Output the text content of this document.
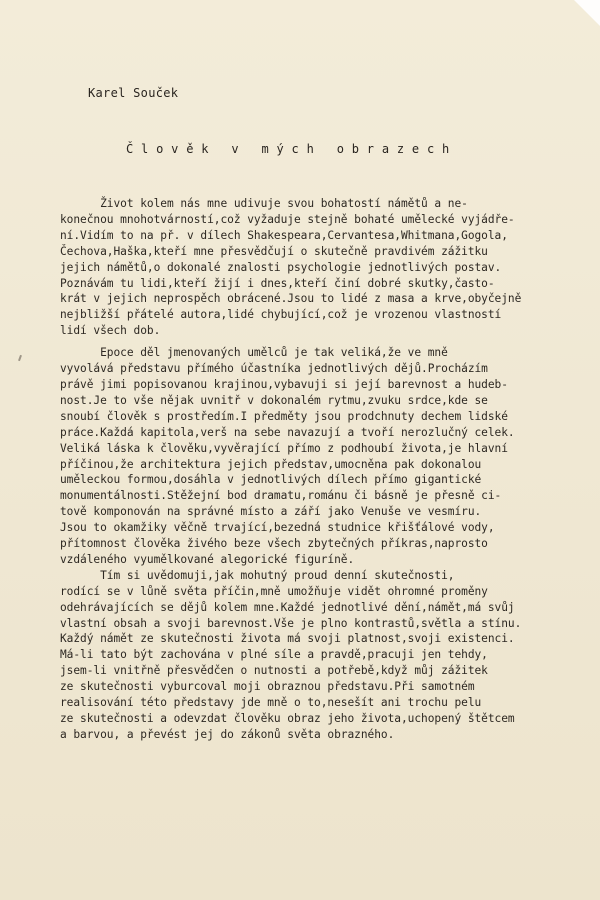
Karel Souček
Č l o v ě k   v   m ý c h   o b r a z e c h
Život kolem nás mne udivuje svou bohatostí námětů a ne-
konečnou mnohotvárností,což vyžaduje stejně bohaté umělecké vyjádře-
ní.Vidím to na př. v dílech Shakespeara,Cervantesa,Whitmana,Gogola,
Čechova,Haška,kteří mne přesvědčují o skutečně pravdivém zážitku
jejich námětů,o dokonalé znalosti psychologie jednotlivých postav.
Poznávám tu lidi,kteří žijí i dnes,kteří činí dobré skutky,často-
krát v jejich neprospěch obrácené.Jsou to lidé z masa a krve,obyčejně
nejbližší přátelé autora,lidé chybující,což je vrozenou vlastností
lidí všech dob.
Epoce děl jmenovaných umělců je tak veliká,že ve mně
vyvolává představu přímého účastníka jednotlivých dějů.Procházím
právě jimi popisovanou krajinou,vybavuji si její barevnost a hudeb-
nost.Je to vše nějak uvnitř v dokonalém rytmu,zvuku srdce,kde se
snoubí člověk s prostředím.I předměty jsou prodchnuty dechem lidské
práce.Každá kapitola,verš na sebe navazují a tvoří nerozlučný celek.
Veliká láska k člověku,vyvěrající přímo z podhoubí života,je hlavní
příčinou,že architektura jejich představ,umocněna pak dokonalou
uměleckou formou,dosáhla v jednotlivých dílech přímo gigantické
monumentálnosti.Stěžejní bod dramatu,románu či básně je přesně ci-
tově komponován na správné místo a září jako Venuše ve vesmíru.
Jsou to okamžiky věčně trvající,bezedná studnice křišťálové vody,
přítomnost člověka živého beze všech zbytečných příkras,naprosto
vzdáleného vyumělkované alegorické figuríně.
Tím si uvědomuji,jak mohutný proud denní skutečnosti,
rodící se v lůně světa příčin,mně umožňuje vidět ohromné proměny
odehrávajících se dějů kolem mne.Každé jednotlivé dění,námět,má svůj
vlastní obsah a svoji barevnost.Vše je plno kontrastů,světla a stínu.
Každý námět ze skutečnosti života má svoji platnost,svoji existenci.
Má-li tato být zachována v plné síle a pravdě,pracuji jen tehdy,
jsem-li vnitřně přesvědčen o nutnosti a potřebě,když můj zážitek
ze skutečnosti vyburcoval moji obraznou představu.Při samotném
realisování této představy jde mně o to,nesešít ani trochu pelu
ze skutečnosti a odevzdat člověku obraz jeho života,uchopený štětcem
a barvou, a převést jej do zákonů světa obrazného.
